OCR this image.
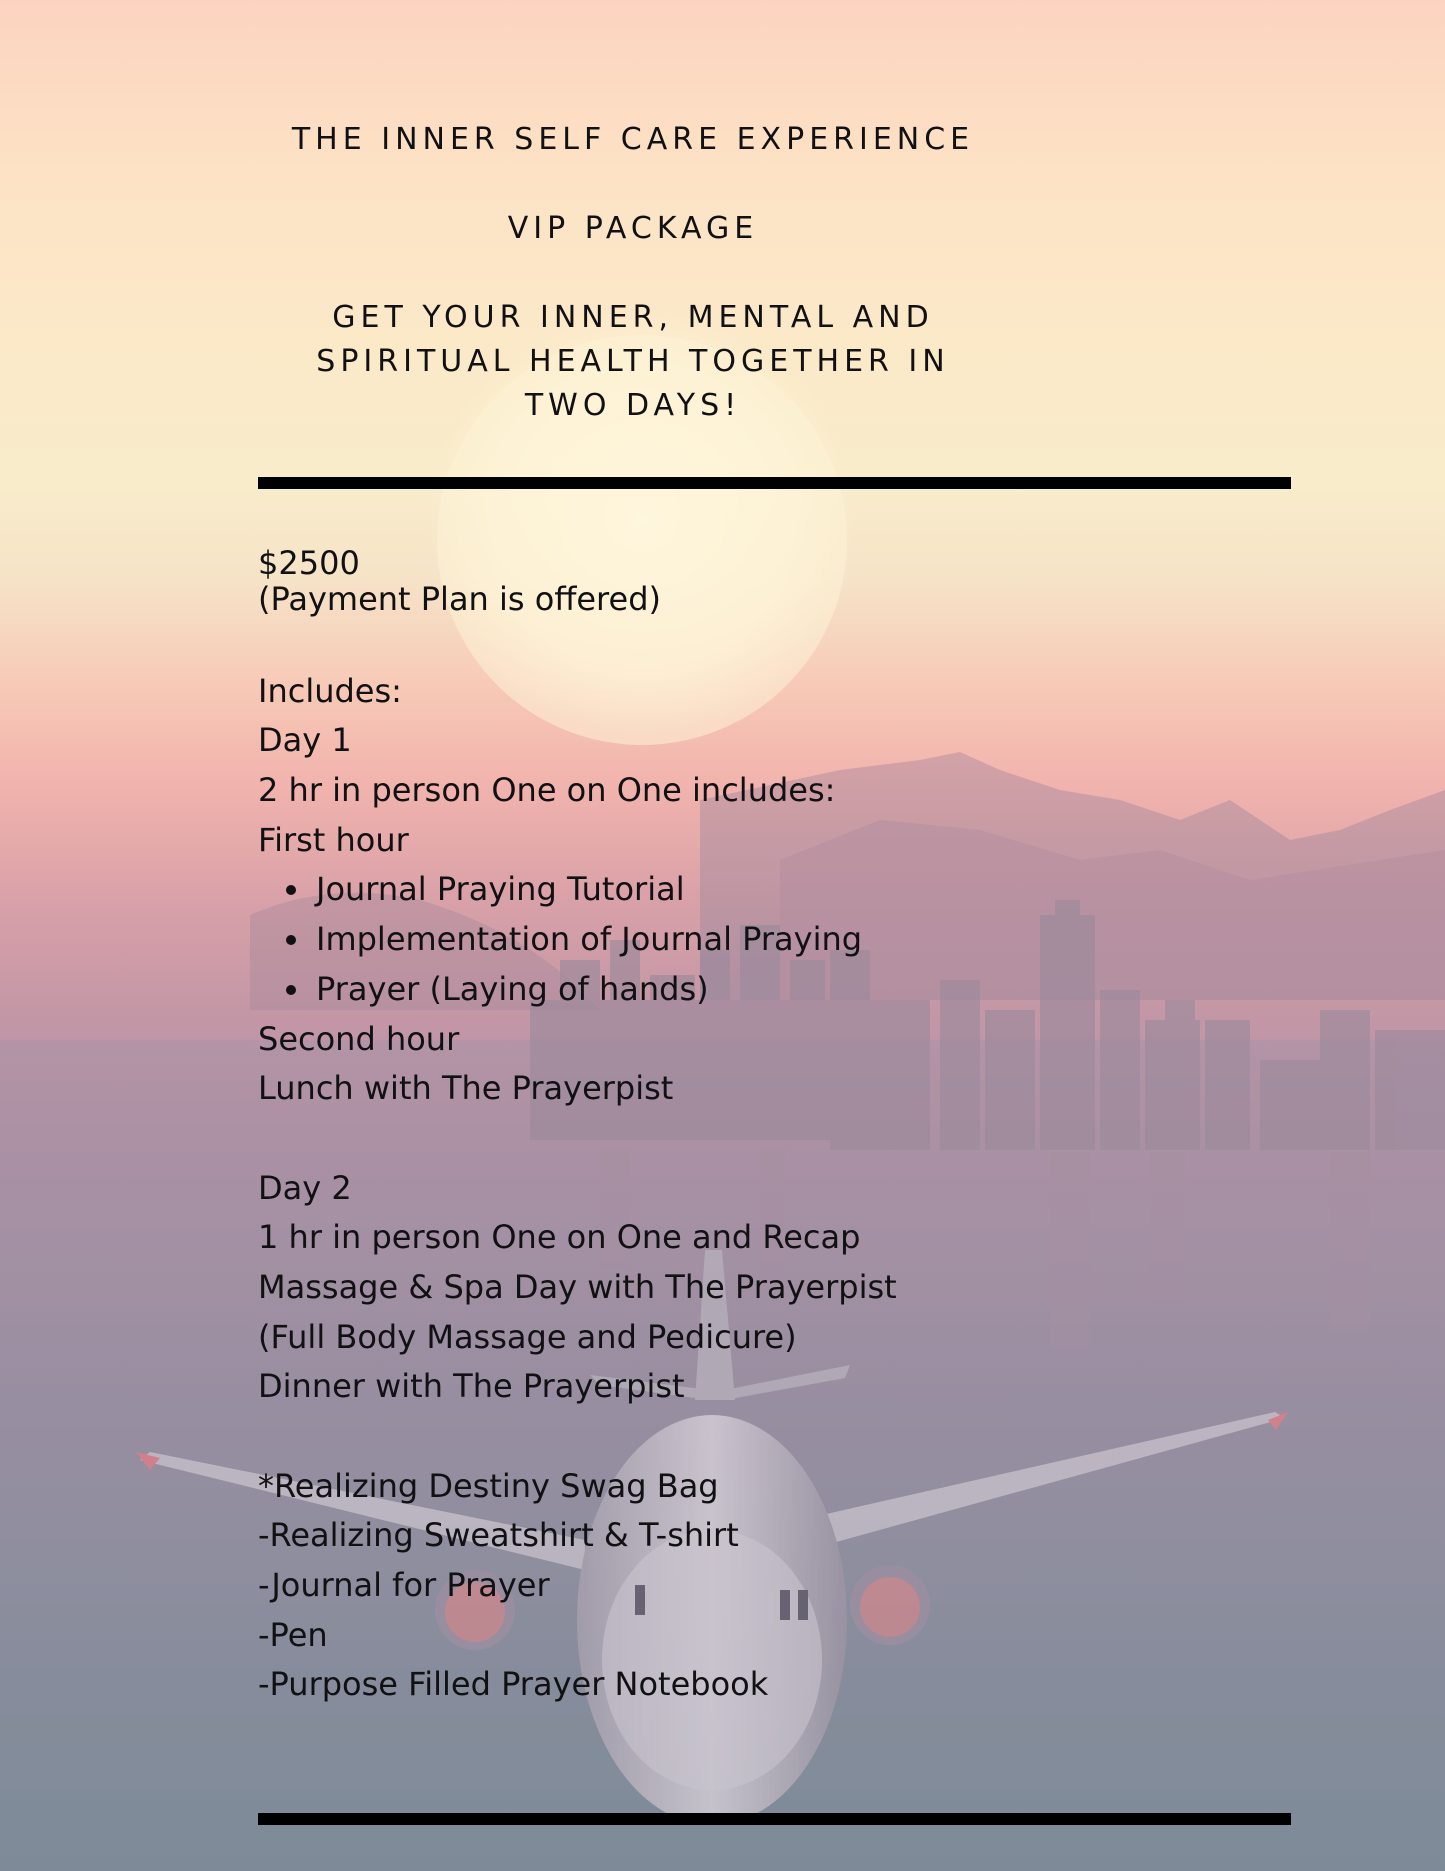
THE INNER SELF CARE EXPERIENCE
VIP PACKAGE
GET YOUR INNER, MENTAL AND
SPIRITUAL HEALTH TOGETHER IN
TWO DAYS!
$2500
(Payment Plan is offered)
Includes:
Day 1
2 hr in person One on One includes:
First hour
Journal Praying Tutorial
Implementation of Journal Praying
Prayer (Laying of hands)
Second hour
Lunch with The Prayerpist
Day 2
1 hr in person One on One and Recap
Massage & Spa Day with The Prayerpist
(Full Body Massage and Pedicure)
Dinner with The Prayerpist
*Realizing Destiny Swag Bag
-Realizing Sweatshirt & T-shirt
-Journal for Prayer
-Pen
-Purpose Filled Prayer Notebook
